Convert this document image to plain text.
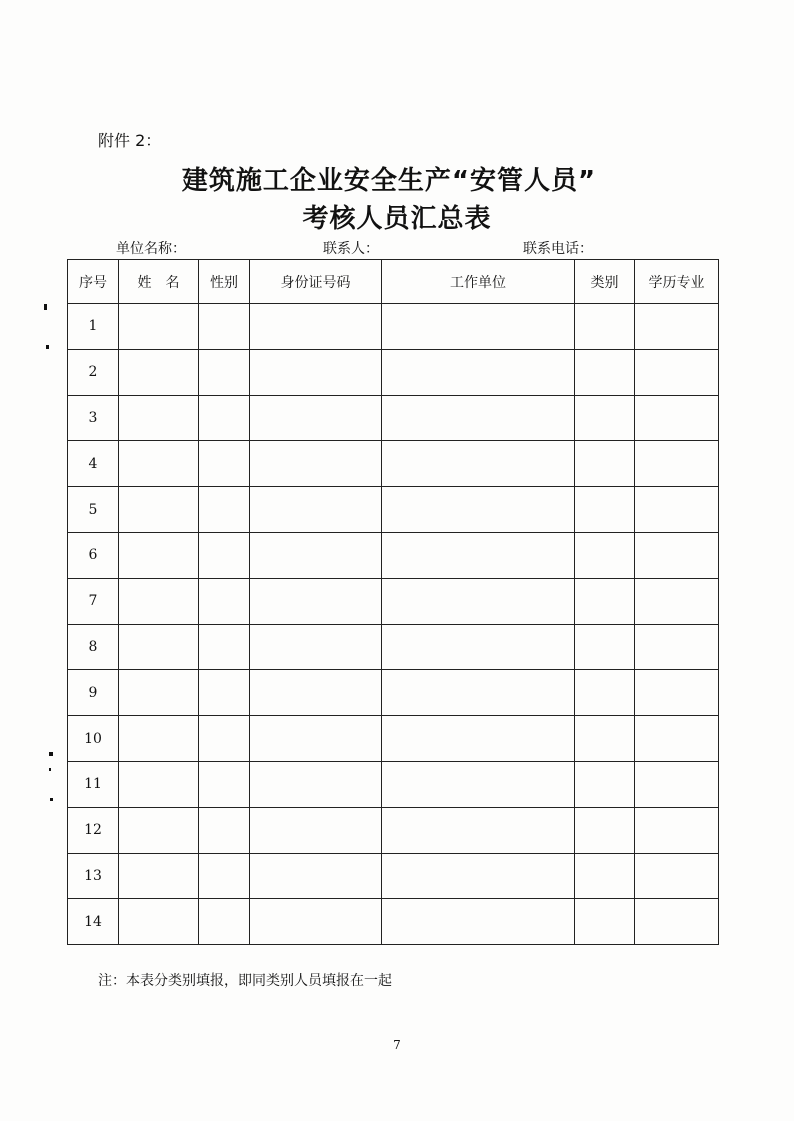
附件 2：
建筑施工企业安全生产“安管人员”
考核人员汇总表
单位名称：	联系人：	联系电话：
序号	姓　名	性别	身份证号码	工作单位	类别	学历专业
1						
2						
3						
4						
5						
6						
7						
8						
9						
10						
11						
12						
13						
14						
注：本表分类别填报，即同类别人员填报在一起
7
